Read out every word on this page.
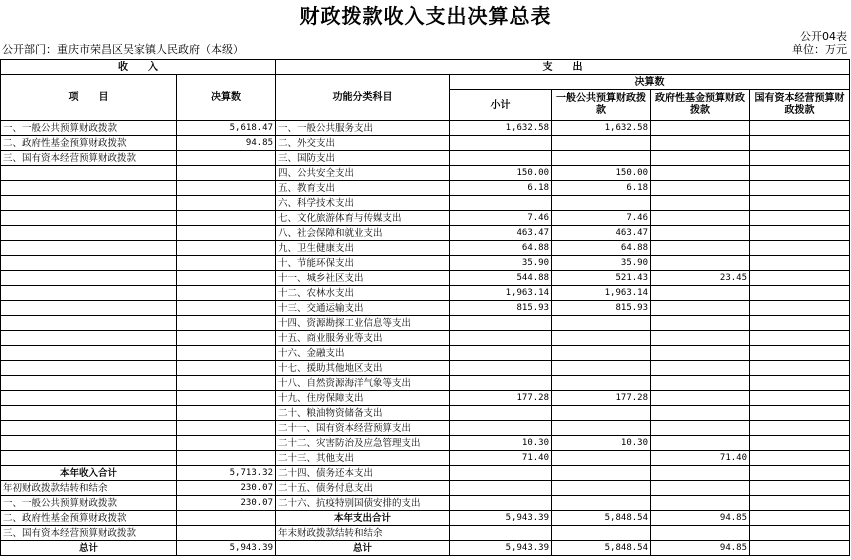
财政拨款收入支出决算总表
公开04表
公开部门：重庆市荣昌区吴家镇人民政府（本级）	单位：万元
收　　入		支　　出				
项　　目	决算数	功能分类科目	决算数			
			小计	一般公共预算财政拨款	政府性基金预算财政拨款	国有资本经营预算财政拨款
一、一般公共预算财政拨款	5,618.47	一、一般公共服务支出	1,632.58	1,632.58		
二、政府性基金预算财政拨款	94.85	二、外交支出				
三、国有资本经营预算财政拨款		三、国防支出				
		四、公共安全支出	150.00	150.00		
		五、教育支出	6.18	6.18		
		六、科学技术支出				
		七、文化旅游体育与传媒支出	7.46	7.46		
		八、社会保障和就业支出	463.47	463.47		
		九、卫生健康支出	64.88	64.88		
		十、节能环保支出	35.90	35.90		
		十一、城乡社区支出	544.88	521.43	23.45	
		十二、农林水支出	1,963.14	1,963.14		
		十三、交通运输支出	815.93	815.93		
		十四、资源勘探工业信息等支出				
		十五、商业服务业等支出				
		十六、金融支出				
		十七、援助其他地区支出				
		十八、自然资源海洋气象等支出				
		十九、住房保障支出	177.28	177.28		
		二十、粮油物资储备支出				
		二十一、国有资本经营预算支出				
		二十二、灾害防治及应急管理支出	10.30	10.30		
		二十三、其他支出	71.40		71.40	
本年收入合计	5,713.32	二十四、债务还本支出				
年初财政拨款结转和结余	230.07	二十五、债务付息支出				
一、一般公共预算财政拨款	230.07	二十六、抗疫特别国债安排的支出				
二、政府性基金预算财政拨款		本年支出合计	5,943.39	5,848.54	94.85	
三、国有资本经营预算财政拨款		年末财政拨款结转和结余				
总计	5,943.39	总计	5,943.39	5,848.54	94.85	
